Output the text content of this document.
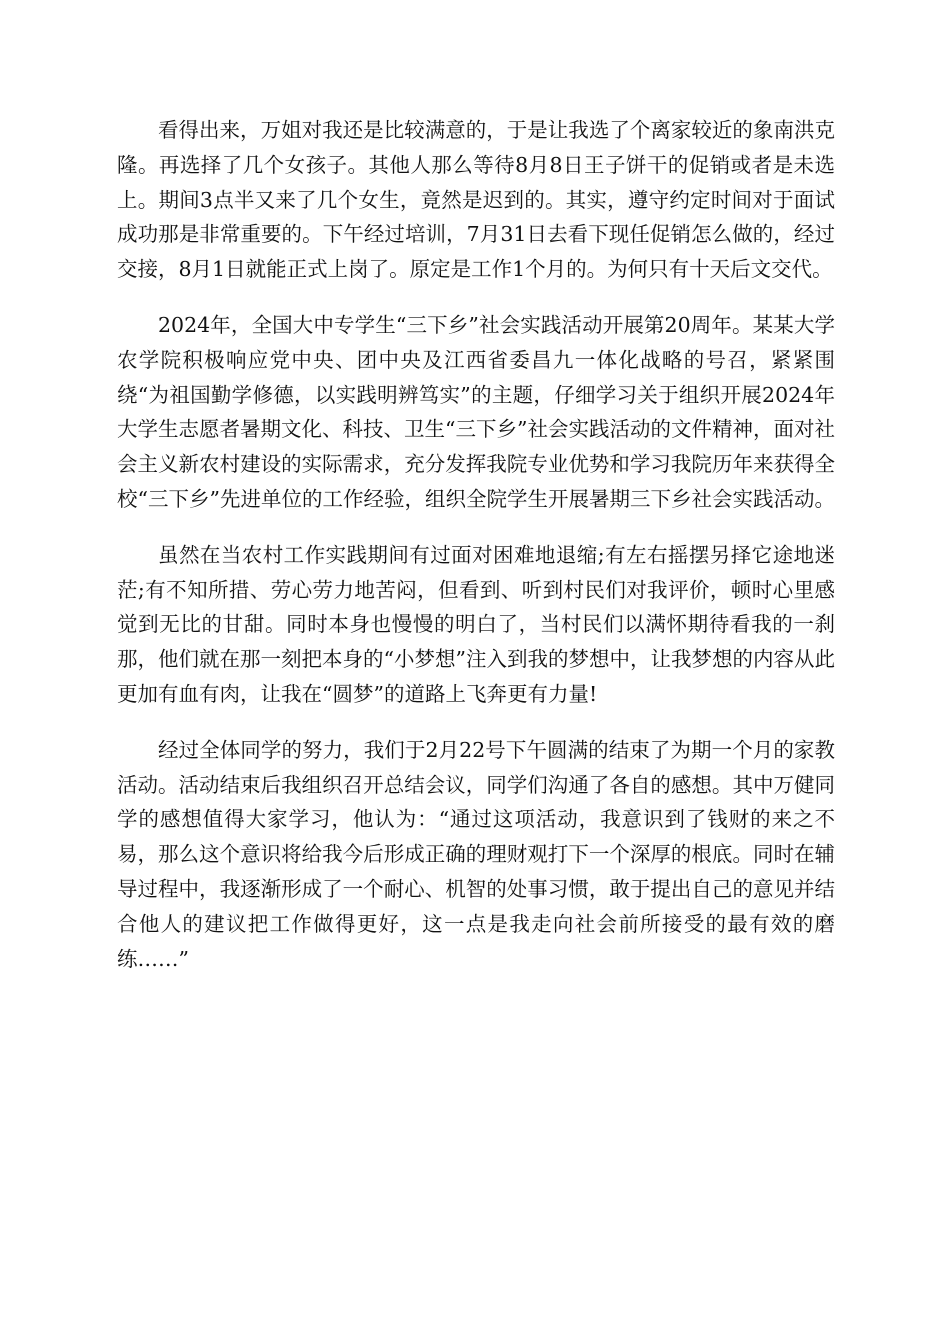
看得出来，万姐对我还是比较满意的，于是让我选了个离家较近的象南洪克隆。再选择了几个女孩子。其他人那么等待8月8日王子饼干的促销或者是未选上。期间3点半又来了几个女生，竟然是迟到的。其实，遵守约定时间对于面试成功那是非常重要的。下午经过培训，7月31日去看下现任促销怎么做的，经过交接，8月1日就能正式上岗了。原定是工作1个月的。为何只有十天后文交代。

2024年，全国大中专学生“三下乡”社会实践活动开展第20周年。某某大学农学院积极响应党中央、团中央及江西省委昌九一体化战略的号召，紧紧围绕“为祖国勤学修德，以实践明辨笃实”的主题，仔细学习关于组织开展2024年大学生志愿者暑期文化、科技、卫生“三下乡”社会实践活动的文件精神，面对社会主义新农村建设的实际需求，充分发挥我院专业优势和学习我院历年来获得全校“三下乡”先进单位的工作经验，组织全院学生开展暑期三下乡社会实践活动。

虽然在当农村工作实践期间有过面对困难地退缩;有左右摇摆另择它途地迷茫;有不知所措、劳心劳力地苦闷，但看到、听到村民们对我评价，顿时心里感觉到无比的甘甜。同时本身也慢慢的明白了，当村民们以满怀期待看我的一刹那，他们就在那一刻把本身的“小梦想”注入到我的梦想中，让我梦想的内容从此更加有血有肉，让我在“圆梦”的道路上飞奔更有力量!

经过全体同学的努力，我们于2月22号下午圆满的结束了为期一个月的家教活动。活动结束后我组织召开总结会议，同学们沟通了各自的感想。其中万健同学的感想值得大家学习，他认为：“通过这项活动，我意识到了钱财的来之不易，那么这个意识将给我今后形成正确的理财观打下一个深厚的根底。同时在辅导过程中，我逐渐形成了一个耐心、机智的处事习惯，敢于提出自己的意见并结合他人的建议把工作做得更好，这一点是我走向社会前所接受的最有效的磨练……”
